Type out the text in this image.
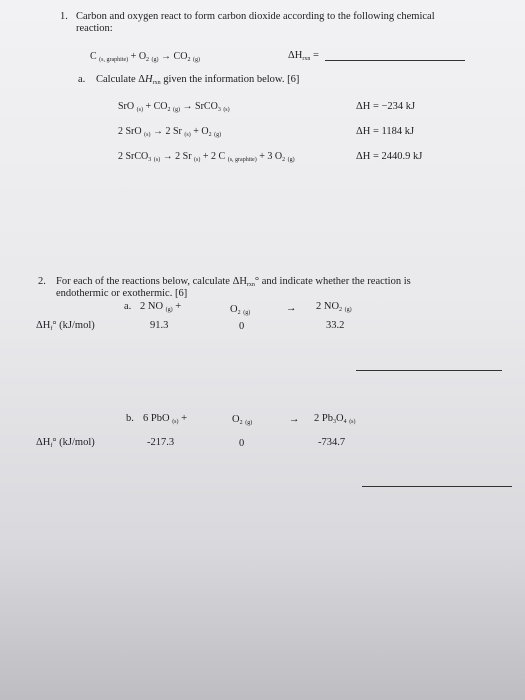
1. Carbon and oxygen react to form carbon dioxide according to the following chemical
reaction:
C $_{(s, graphite)} + O_2$ $_{(g)} \to CO_2$ $_{(g)}$	$\Delta H_{rxn}$ =
a. Calculate $\Delta H_{rxn}$ given the information below. [6]
SrO $_{(s)} + CO_2$ $_{(g)}$ → SrCO$_3$ $_{(s)}$	ΔH = −234 kJ
2 SrO $_{(s)}$ → 2 Sr $_{(s)} + O_2$ $_{(g)}$	ΔH = 1184 kJ
2 SrCO$_3$ $_{(s)}$ → 2 Sr $_{(s)}$ + 2 C $_{(s, graphite)}$ + 3 $O_2$ $_{(g)}$	ΔH = 2440.9 kJ
2. For each of the reactions below, calculate $\Delta H_{rxn}^\circ$ and indicate whether the reaction is
endothermic or exothermic. [6]
a. 2 NO $_{(g)}$ +	$O_2$ $_{(g)}$	→ 2 $NO_2$ $_{(g)}$
$\Delta H_f^\circ$ (kJ/mol)	91.3	0	33.2
b. 6 PbO $_{(s)}$ +	$O_2$ $_{(g)}$	→ 2 $Pb_3O_4$ $_{(s)}$
$\Delta H_f^\circ$ (kJ/mol)	-217.3	0	-734.7
